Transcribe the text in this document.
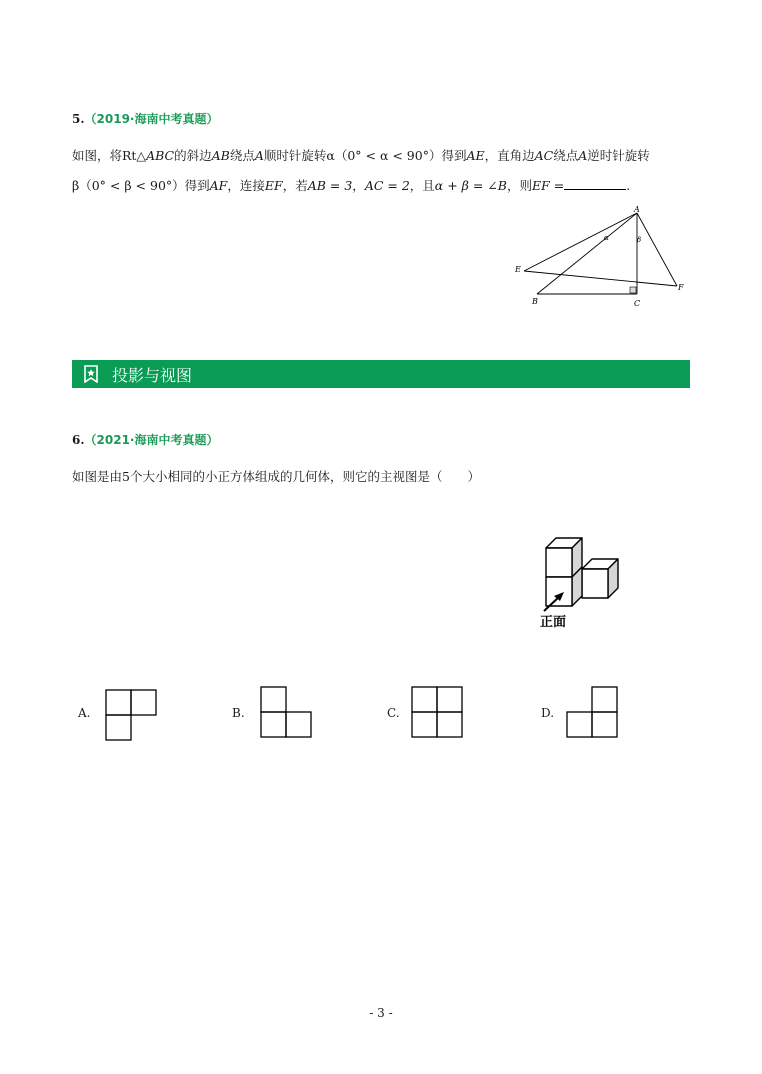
5.（2019·海南中考真题）
如图，将Rt△ABC的斜边AB绕点A顺时针旋转α（0° < α < 90°）得到AE，直角边AC绕点A逆时针旋转
β（0° < β < 90°）得到AF，连接EF，若AB = 3，AC = 2，且α + β = ∠B，则EF =	.
A
B	C
E
F
α	β
投影与视图
6.（2021·海南中考真题）
如图是由5个大小相同的小正方体组成的几何体，则它的主视图是（　　）
正面
A.	B.	C.	D.
- 3 -
